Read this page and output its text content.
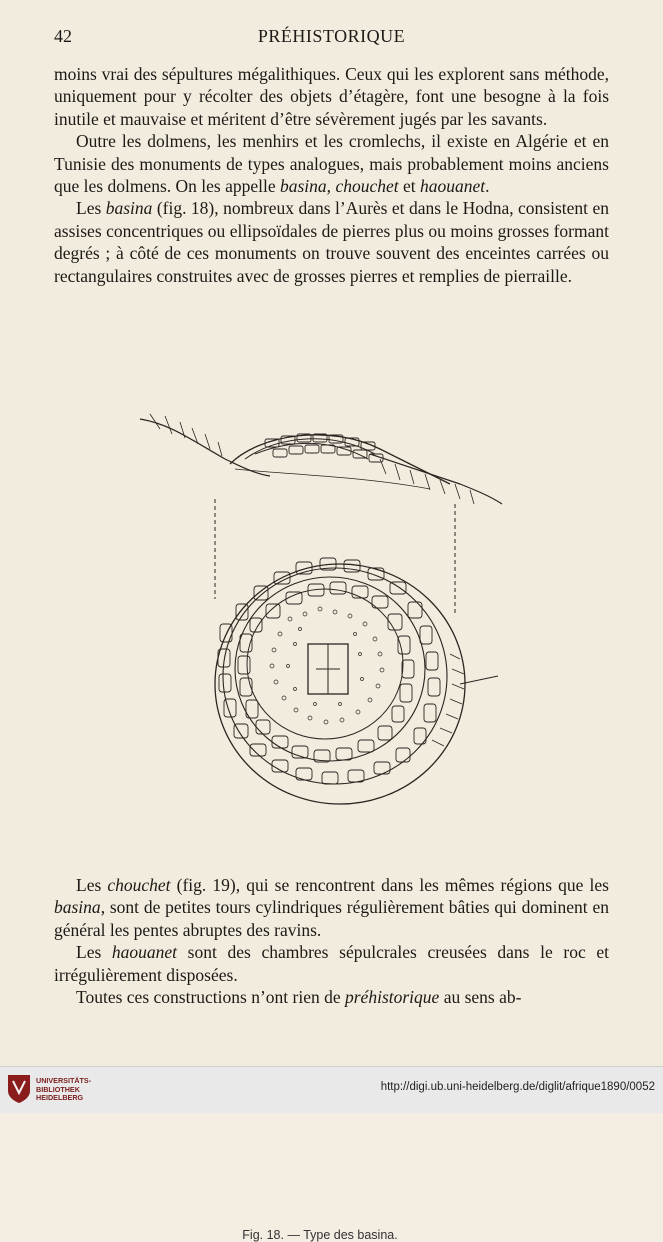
42	PRÉHISTORIQUE

moins vrai des sépultures mégalithiques. Ceux qui les explorent sans méthode, uniquement pour y récolter des objets d’étagère, font une besogne à la fois inutile et mauvaise et méritent d’être sévèrement jugés par les savants.

Outre les dolmens, les menhirs et les cromlechs, il existe en Algérie et en Tunisie des monuments de types analogues, mais probablement moins anciens que les dolmens. On les appelle basina, chouchet et haouanet.

Les basina (fig. 18), nombreux dans l’Aurès et dans le Hodna, consistent en assises concentriques ou ellipsoïdales de pierres plus ou moins grosses formant degrés ; à côté de ces monuments on trouve souvent des enceintes carrées ou rectangulaires construites avec de grosses pierres et remplies de pierraille.

Fig. 18. — Type des basina.

Les chouchet (fig. 19), qui se rencontrent dans les mêmes régions que les basina, sont de petites tours cylindriques régulièrement bâties qui dominent en général les pentes abruptes des ravins.

Les haouanet sont des chambres sépulcrales creusées dans le roc et irrégulièrement disposées.

Toutes ces constructions n’ont rien de préhistorique au sens ab-

UNIVERSITÄTS-
BIBLIOTHEK
HEIDELBERG
http://digi.ub.uni-heidelberg.de/diglit/afrique1890/0052
